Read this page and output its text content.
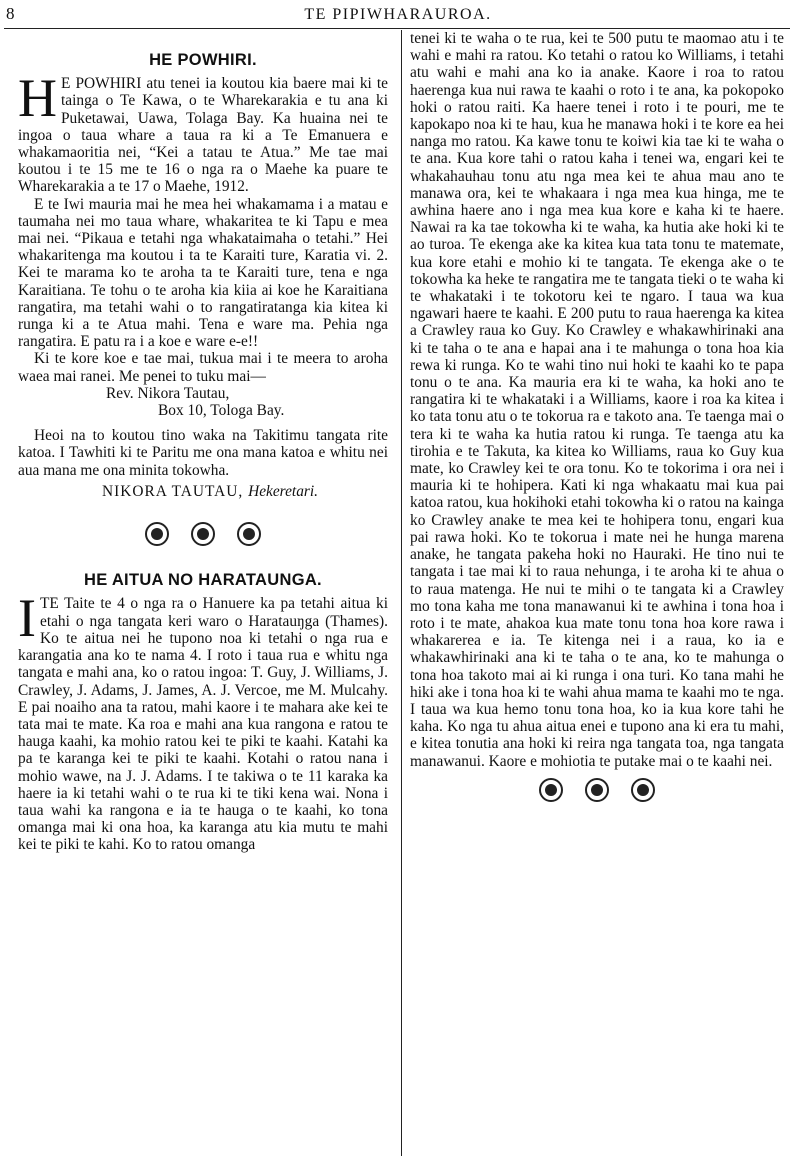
8	TE PIPIWHARAUROA.
HE POWHIRI.

H E POWHIRI atu tenei ia koutou kia baere mai ki te tainga o Te Kawa, o te Wharekarakia e tu ana ki Puketawai, Uawa, Tolaga Bay. Ka huaina nei te ingoa o taua whare a taua ra ki a Te Emanuera e whakamaoritia nei, “Kei a tatau te Atua.” Me tae mai koutou i te 15 me te 16 o nga ra o Maehe ka puare te Wharekarakia a te 17 o Maehe, 1912.

E te Iwi mauria mai he mea hei whakamama i a matau e taumaha nei mo taua whare, whakaritea te ki Tapu e mea mai nei. “Pikaua e tetahi nga whakataimaha o tetahi.” Hei whakaritenga ma koutou i ta te Karaiti ture, Karatia vi. 2. Kei te marama ko te aroha ta te Karaiti ture, tena e nga Karaitiana. Te tohu o te aroha kia kiia ai koe he Karaitiana rangatira, ma tetahi wahi o to rangatiratanga kia kitea ki runga ki a te Atua mahi. Tena e ware ma. Pehia nga rangatira. E patu ra i a koe e ware e-e!!

Ki te kore koe e tae mai, tukua mai i te meera to aroha waea mai ranei. Me penei to tuku mai—

Rev. Nikora Tautau,

Box 10, Tologa Bay.

Heoi na to koutou tino waka na Takitimu tangata rite katoa. I Tawhiti ki te Paritu me ona mana katoa e whitu nei aua mana me ona minita tokowha.

NIKORA TAUTAU, Hekeretari.

HE AITUA NO HARATAUNGA.

ITE Taite te 4 o nga ra o Hanuere ka pa tetahi aitua ki etahi o nga tangata keri waro o Haratauŋga (Thames). Ko te aitua nei he tupono noa ki tetahi o nga rua e karangatia ana ko te nama 4. I roto i taua rua e whitu nga tangata e mahi ana, ko o ratou ingoa: T. Guy, J. Williams, J. Crawley, J. Adams, J. James, A. J. Vercoe, me M. Mulcahy. E pai noaiho ana ta ratou, mahi kaore i te mahara ake kei te tata mai te mate. Ka roa e mahi ana kua rangona e ratou te hauga kaahi, ka mohio ratou kei te piki te kaahi. Katahi ka pa te karanga kei te piki te kaahi. Kotahi o ratou nana i mohio wawe, na J. J. Adams. I te takiwa o te 11 karaka ka haere ia ki tetahi wahi o te rua ki te tiki kena wai. Nona i taua wahi ka rangona e ia te hauga o te kaahi, ko tona omanga mai ki ona hoa, ka karanga atu kia mutu te mahi kei te piki te kahi. Ko to ratou omanga

tenei ki te waha o te rua, kei te 500 putu te maomao atu i te wahi e mahi ra ratou. Ko tetahi o ratou ko Williams, i tetahi atu wahi e mahi ana ko ia anake. Kaore i roa to ratou haerenga kua nui rawa te kaahi o roto i te ana, ka pokopoko hoki o ratou raiti. Ka haere tenei i roto i te pouri, me te kapokapo noa ki te hau, kua he manawa hoki i te kore ea hei nanga mo ratou. Ka kawe tonu te koiwi kia tae ki te waha o te ana. Kua kore tahi o ratou kaha i tenei wa, engari kei te whakahauhau tonu atu nga mea kei te ahua mau ano te manawa ora, kei te whakaara i nga mea kua hinga, me te awhina haere ano i nga mea kua kore e kaha ki te haere. Nawai ra ka tae tokowha ki te waha, ka hutia ake hoki ki te ao turoa. Te ekenga ake ka kitea kua tata tonu te matemate, kua kore etahi e mohio ki te tangata. Te ekenga ake o te tokowha ka heke te rangatira me te tangata tieki o te waha ki te whakataki i te tokotoru kei te ngaro. I taua wa kua ngawari haere te kaahi. E 200 putu to raua haerenga ka kitea a Crawley raua ko Guy. Ko Crawley e whakawhirinaki ana ki te taha o te ana e hapai ana i te mahunga o tona hoa kia rewa ki runga. Ko te wahi tino nui hoki te kaahi ko te papa tonu o te ana. Ka mauria era ki te waha, ka hoki ano te rangatira ki te whakataki i a Williams, kaore i roa ka kitea i ko tata tonu atu o te tokorua ra e takoto ana. Te taenga mai o tera ki te waha ka hutia ratou ki runga. Te taenga atu ka tirohia e te Takuta, ka kitea ko Williams, raua ko Guy kua mate, ko Crawley kei te ora tonu. Ko te tokorima i ora nei i mauria ki te hohipera. Kati ki nga whakaatu mai kua pai katoa ratou, kua hokihoki etahi tokowha ki o ratou na kainga ko Crawley anake te mea kei te hohipera tonu, engari kua pai rawa hoki. Ko te tokorua i mate nei he hunga marena anake, he tangata pakeha hoki no Hauraki. He tino nui te tangata i tae mai ki to raua nehunga, i te aroha ki te ahua o to raua matenga. He nui te mihi o te tangata ki a Crawley mo tona kaha me tona manawanui ki te awhina i tona hoa i roto i te mate, ahakoa kua mate tonu tona hoa kore rawa i whakarerea e ia. Te kitenga nei i a raua, ko ia e whakawhirinaki ana ki te taha o te ana, ko te mahunga o tona hoa takoto mai ai ki runga i ona turi. Ko tana mahi he hiki ake i tona hoa ki te wahi ahua mama te kaahi mo te nga. I taua wa kua hemo tonu tona hoa, ko ia kua kore tahi he kaha. Ko nga tu ahua aitua enei e tupono ana ki era tu mahi, e kitea tonutia ana hoki ki reira nga tangata toa, nga tangata manawanui. Kaore e mohiotia te putake mai o te kaahi nei.
